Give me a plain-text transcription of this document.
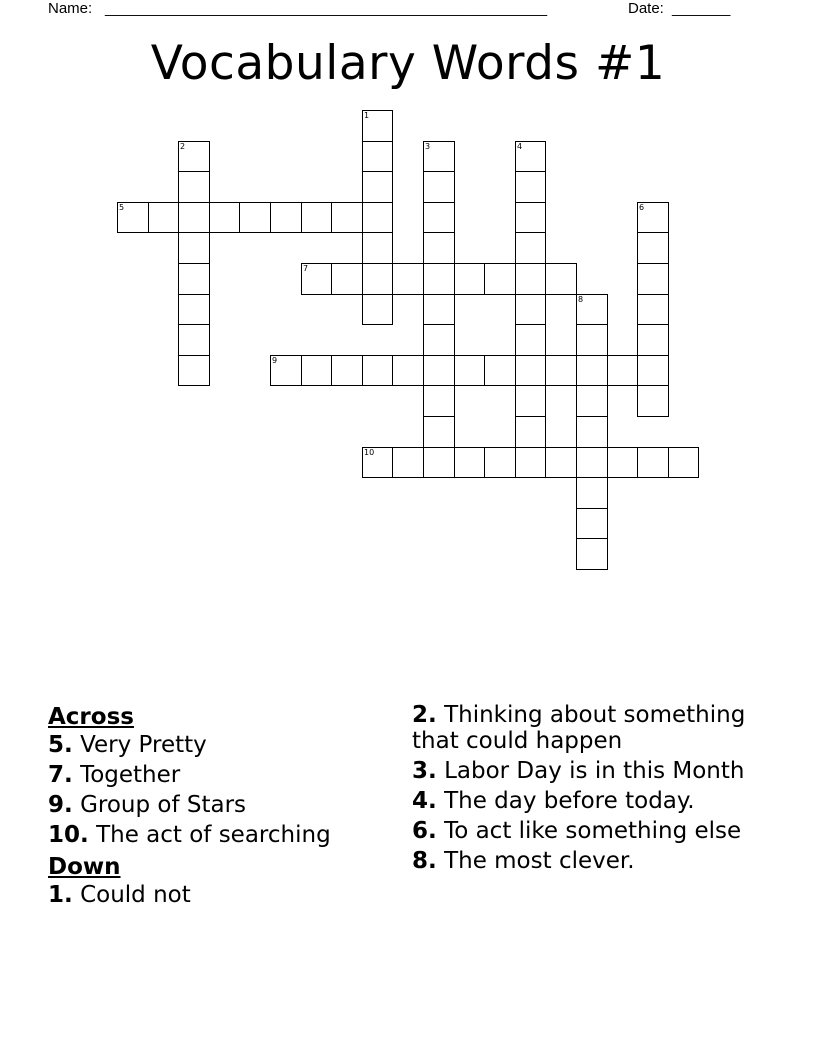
Name: _____________________________________________________	Date: _______
Vocabulary Words #1
1
2	3	4
5	6
7
8
9
10
Across
5. Very Pretty
7. Together
9. Group of Stars
10. The act of searching
Down
1. Could not
2. Thinking about something that could happen
3. Labor Day is in this Month
4. The day before today.
6. To act like something else
8. The most clever.
